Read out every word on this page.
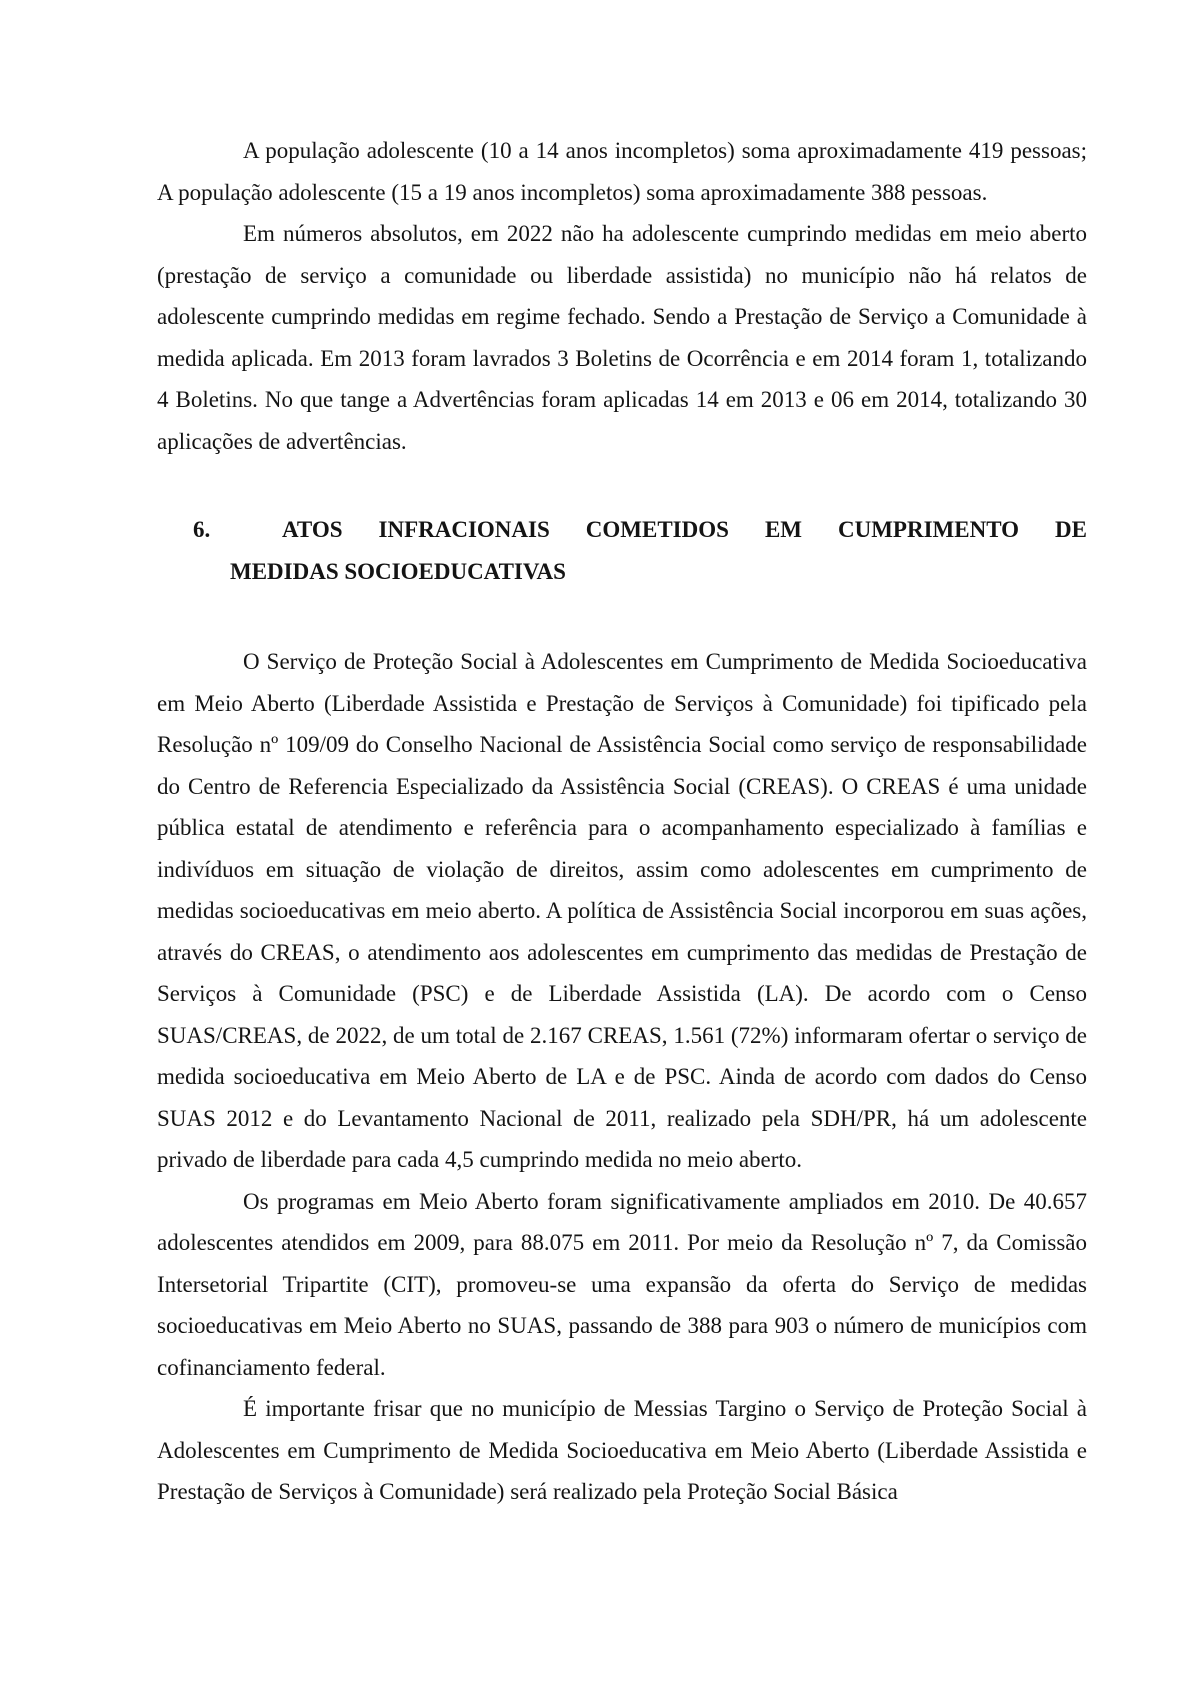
A população adolescente (10 a 14 anos incompletos) soma aproximadamente 419 pessoas; A população adolescente (15 a 19 anos incompletos) soma aproximadamente 388 pessoas.

Em números absolutos, em 2022 não ha adolescente cumprindo medidas em meio aberto (prestação de serviço a comunidade ou liberdade assistida) no município não há relatos de adolescente cumprindo medidas em regime fechado. Sendo a Prestação de Serviço a Comunidade à medida aplicada. Em 2013 foram lavrados 3 Boletins de Ocorrência e em 2014 foram 1, totalizando 4 Boletins. No que tange a Advertências foram aplicadas 14 em 2013 e 06 em 2014, totalizando 30 aplicações de advertências.

6.	ATOS INFRACIONAIS COMETIDOS EM CUMPRIMENTO DE
MEDIDAS SOCIOEDUCATIVAS

O Serviço de Proteção Social à Adolescentes em Cumprimento de Medida Socioeducativa em Meio Aberto (Liberdade Assistida e Prestação de Serviços à Comunidade) foi tipificado pela Resolução nº 109/09 do Conselho Nacional de Assistência Social como serviço de responsabilidade do Centro de Referencia Especializado da Assistência Social (CREAS). O CREAS é uma unidade pública estatal de atendimento e referência para o acompanhamento especializado à famílias e indivíduos em situação de violação de direitos, assim como adolescentes em cumprimento de medidas socioeducativas em meio aberto. A política de Assistência Social incorporou em suas ações, através do CREAS, o atendimento aos adolescentes em cumprimento das medidas de Prestação de Serviços à Comunidade (PSC) e de Liberdade Assistida (LA). De acordo com o Censo SUAS/CREAS, de 2022, de um total de 2.167 CREAS, 1.561 (72%) informaram ofertar o serviço de medida socioeducativa em Meio Aberto de LA e de PSC. Ainda de acordo com dados do Censo SUAS 2012 e do Levantamento Nacional de 2011, realizado pela SDH/PR, há um adolescente privado de liberdade para cada 4,5 cumprindo medida no meio aberto.

Os programas em Meio Aberto foram significativamente ampliados em 2010. De 40.657 adolescentes atendidos em 2009, para 88.075 em 2011. Por meio da Resolução nº 7, da Comissão Intersetorial Tripartite (CIT), promoveu-se uma expansão da oferta do Serviço de medidas socioeducativas em Meio Aberto no SUAS, passando de 388 para 903 o número de municípios com cofinanciamento federal.

É importante frisar que no município de Messias Targino o Serviço de Proteção Social à Adolescentes em Cumprimento de Medida Socioeducativa em Meio Aberto (Liberdade Assistida e Prestação de Serviços à Comunidade) será realizado pela Proteção Social Básica
